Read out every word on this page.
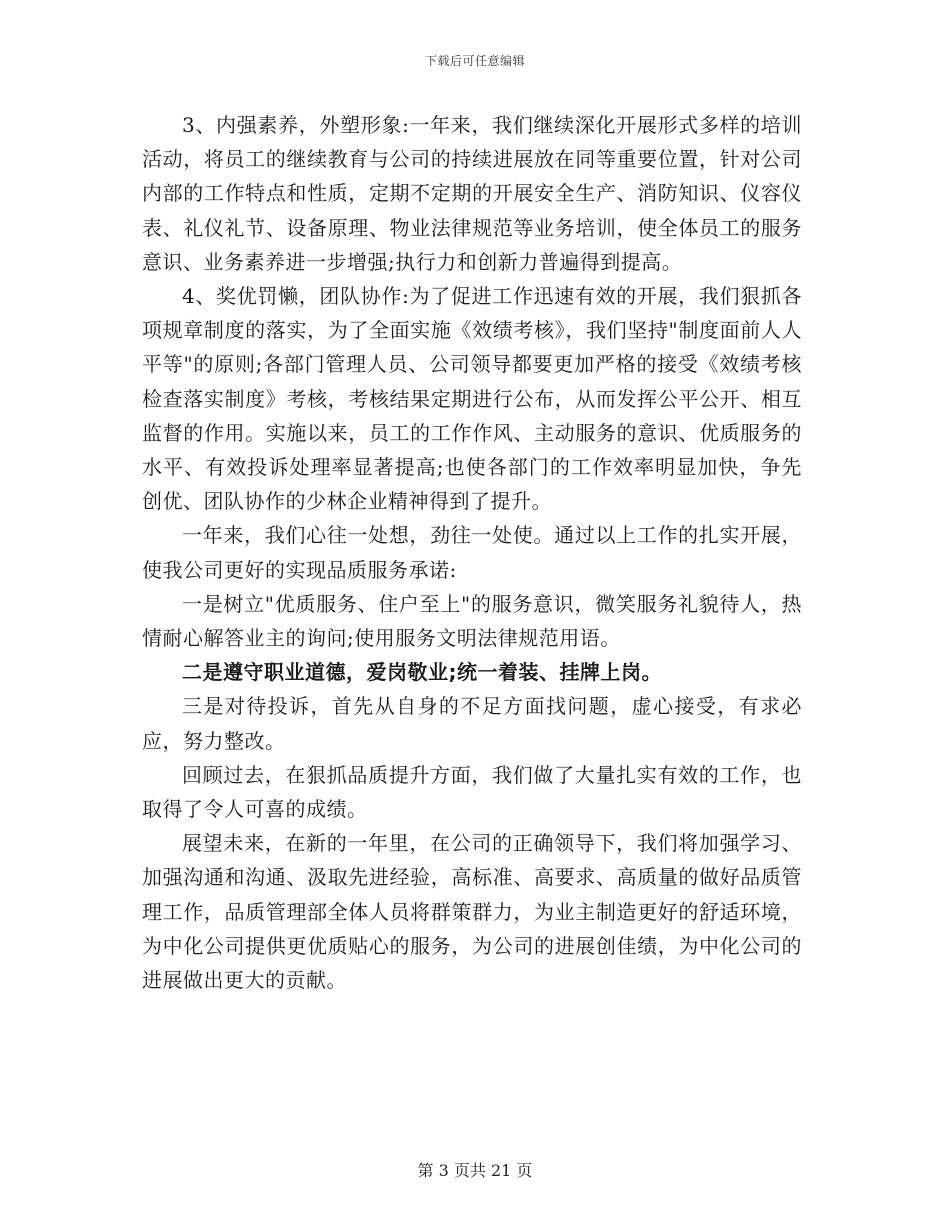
下载后可任意编辑

3、内强素养，外塑形象:一年来，我们继续深化开展形式多样的培训活动，将员工的继续教育与公司的持续进展放在同等重要位置，针对公司内部的工作特点和性质，定期不定期的开展安全生产、消防知识、仪容仪表、礼仪礼节、设备原理、物业法律规范等业务培训，使全体员工的服务意识、业务素养进一步增强;执行力和创新力普遍得到提高。

4、奖优罚懒，团队协作:为了促进工作迅速有效的开展，我们狠抓各项规章制度的落实，为了全面实施《效绩考核》，我们坚持"制度面前人人平等"的原则;各部门管理人员、公司领导都要更加严格的接受《效绩考核检查落实制度》考核，考核结果定期进行公布，从而发挥公平公开、相互监督的作用。实施以来，员工的工作作风、主动服务的意识、优质服务的水平、有效投诉处理率显著提高;也使各部门的工作效率明显加快，争先创优、团队协作的少林企业精神得到了提升。

一年来，我们心往一处想，劲往一处使。通过以上工作的扎实开展，使我公司更好的实现品质服务承诺:

一是树立"优质服务、住户至上"的服务意识，微笑服务礼貌待人，热情耐心解答业主的询问;使用服务文明法律规范用语。

二是遵守职业道德，爱岗敬业;统一着装、挂牌上岗。

三是对待投诉，首先从自身的不足方面找问题，虚心接受，有求必应，努力整改。

回顾过去，在狠抓品质提升方面，我们做了大量扎实有效的工作，也取得了令人可喜的成绩。

展望未来，在新的一年里，在公司的正确领导下，我们将加强学习、加强沟通和沟通、汲取先进经验，高标准、高要求、高质量的做好品质管理工作，品质管理部全体人员将群策群力，为业主制造更好的舒适环境，为中化公司提供更优质贴心的服务，为公司的进展创佳绩，为中化公司的进展做出更大的贡献。

第 3 页共 21 页
